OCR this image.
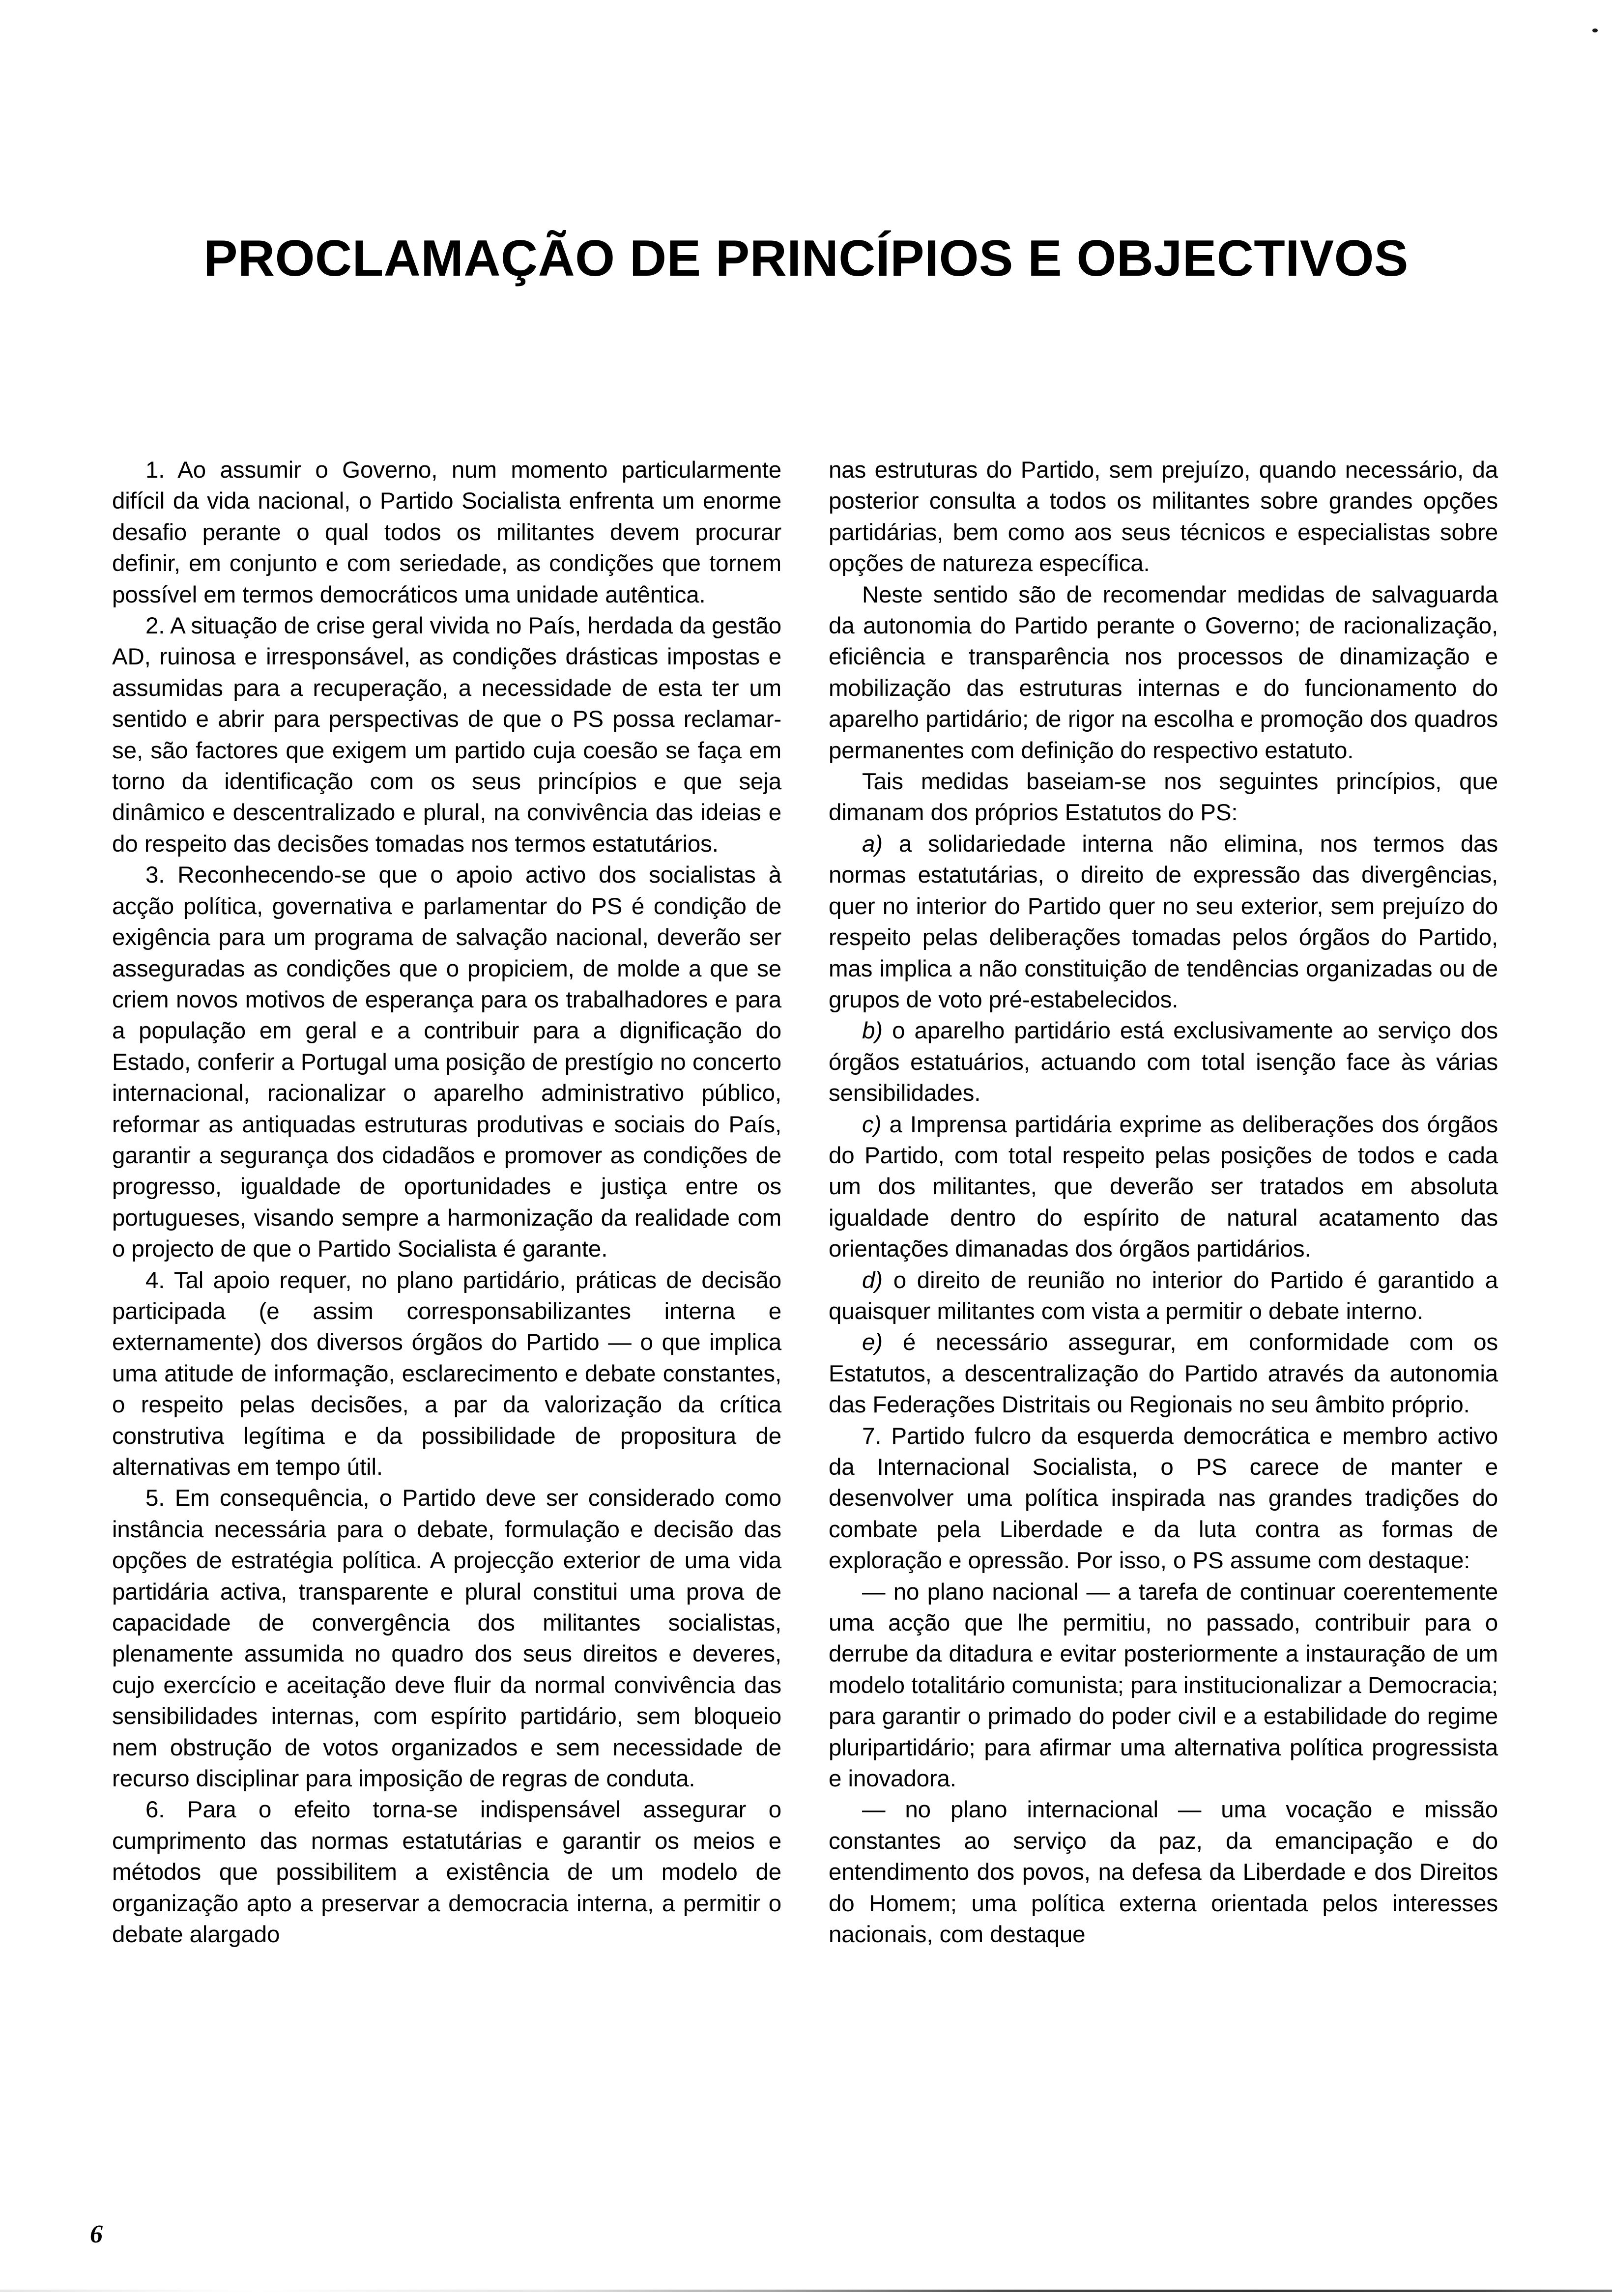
PROCLAMAÇÃO DE PRINCÍPIOS E OBJECTIVOS

1. Ao assumir o Governo, num momento particularmente difícil da vida nacional, o Partido Socialista enfrenta um enorme desafio perante o qual todos os militantes devem procurar definir, em conjunto e com seriedade, as condições que tornem possível em termos democráticos uma unidade autêntica.

2. A situação de crise geral vivida no País, herdada da gestão AD, ruinosa e irresponsável, as condições drásticas impostas e assumidas para a recuperação, a necessidade de esta ter um sentido e abrir para perspectivas de que o PS possa reclamar-se, são factores que exigem um partido cuja coesão se faça em torno da identificação com os seus princípios e que seja dinâmico e descentralizado e plural, na convivência das ideias e do respeito das decisões tomadas nos termos estatutários.

3. Reconhecendo-se que o apoio activo dos socialistas à acção política, governativa e parlamentar do PS é condição de exigência para um programa de salvação nacional, deverão ser asseguradas as condições que o propiciem, de molde a que se criem novos motivos de esperança para os trabalhadores e para a população em geral e a contribuir para a dignificação do Estado, conferir a Portugal uma posição de prestígio no concerto internacional, racionalizar o aparelho administrativo público, reformar as antiquadas estruturas produtivas e sociais do País, garantir a segurança dos cidadãos e promover as condições de progresso, igualdade de oportunidades e justiça entre os portugueses, visando sempre a harmonização da realidade com o projecto de que o Partido Socialista é garante.

4. Tal apoio requer, no plano partidário, práticas de decisão participada (e assim corresponsabilizantes interna e externamente) dos diversos órgãos do Partido — o que implica uma atitude de informação, esclarecimento e debate constantes, o respeito pelas decisões, a par da valorização da crítica construtiva legítima e da possibilidade de propositura de alternativas em tempo útil.

5. Em consequência, o Partido deve ser considerado como instância necessária para o debate, formulação e decisão das opções de estratégia política. A projecção exterior de uma vida partidária activa, transparente e plural constitui uma prova de capacidade de convergência dos militantes socialistas, plenamente assumida no quadro dos seus direitos e deveres, cujo exercício e aceitação deve fluir da normal convivência das sensibilidades internas, com espírito partidário, sem bloqueio nem obstrução de votos organizados e sem necessidade de recurso disciplinar para imposição de regras de conduta.

6. Para o efeito torna-se indispensável assegurar o cumprimento das normas estatutárias e garantir os meios e métodos que possibilitem a existência de um modelo de organização apto a preservar a democracia interna, a permitir o debate alargado

nas estruturas do Partido, sem prejuízo, quando necessário, da posterior consulta a todos os militantes sobre grandes opções partidárias, bem como aos seus técnicos e especialistas sobre opções de natureza específica.

Neste sentido são de recomendar medidas de salvaguarda da autonomia do Partido perante o Governo; de racionalização, eficiência e transparência nos processos de dinamização e mobilização das estruturas internas e do funcionamento do aparelho partidário; de rigor na escolha e promoção dos quadros permanentes com definição do respectivo estatuto.

Tais medidas baseiam-se nos seguintes princípios, que dimanam dos próprios Estatutos do PS:

a) a solidariedade interna não elimina, nos termos das normas estatutárias, o direito de expressão das divergências, quer no interior do Partido quer no seu exterior, sem prejuízo do respeito pelas deliberações tomadas pelos órgãos do Partido, mas implica a não constituição de tendências organizadas ou de grupos de voto pré-estabelecidos.

b) o aparelho partidário está exclusivamente ao serviço dos órgãos estatuários, actuando com total isenção face às várias sensibilidades.

c) a Imprensa partidária exprime as deliberações dos órgãos do Partido, com total respeito pelas posições de todos e cada um dos militantes, que deverão ser tratados em absoluta igualdade dentro do espírito de natural acatamento das orientações dimanadas dos órgãos partidários.

d) o direito de reunião no interior do Partido é garantido a quaisquer militantes com vista a permitir o debate interno.

e) é necessário assegurar, em conformidade com os Estatutos, a descentralização do Partido através da autonomia das Federações Distritais ou Regionais no seu âmbito próprio.

7. Partido fulcro da esquerda democrática e membro activo da Internacional Socialista, o PS carece de manter e desenvolver uma política inspirada nas grandes tradições do combate pela Liberdade e da luta contra as formas de exploração e opressão. Por isso, o PS assume com destaque:

— no plano nacional — a tarefa de continuar coerentemente uma acção que lhe permitiu, no passado, contribuir para o derrube da ditadura e evitar posteriormente a instauração de um modelo totalitário comunista; para institucionalizar a Democracia; para garantir o primado do poder civil e a estabilidade do regime pluripartidário; para afirmar uma alternativa política progressista e inovadora.

— no plano internacional — uma vocação e missão constantes ao serviço da paz, da emancipação e do entendimento dos povos, na defesa da Liberdade e dos Direitos do Homem; uma política externa orientada pelos interesses nacionais, com destaque

6
